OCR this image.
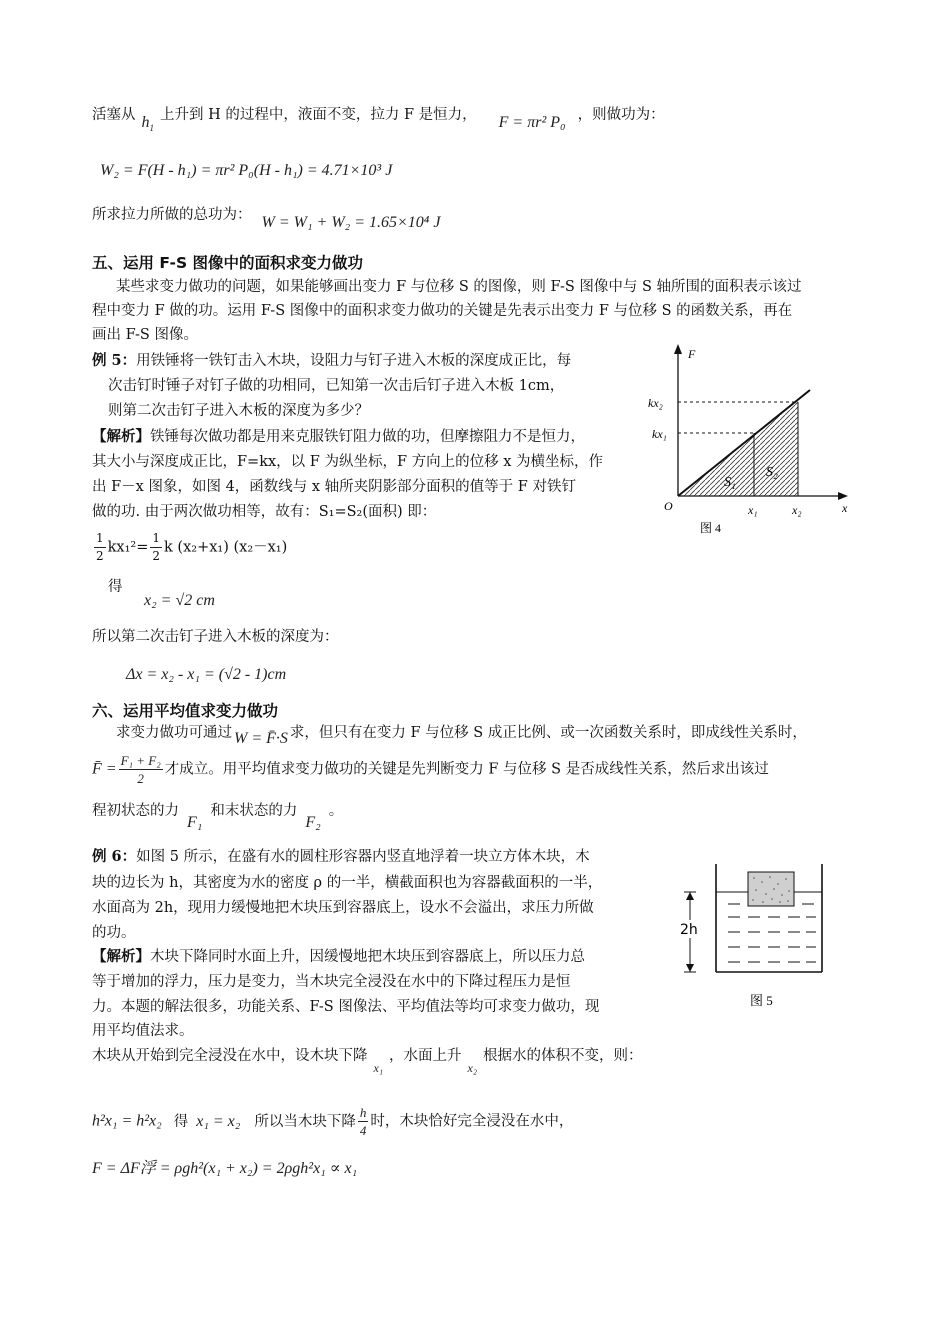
活塞从 $h_1$上升到 H 的过程中，液面不变，拉力 F 是恒力， F = πr² P₀ ，则做功为：
W₂ = F(H - h₁) = πr² P₀(H - h₁) = 4.71×10³ J
所求拉力所做的总功为： W = W₁ + W₂ = 1.65×10⁴ J
五、运用 F-S 图像中的面积求变力做功
某些求变力做功的问题，如果能够画出变力 F 与位移 S 的图像，则 F-S 图像中与 S 轴所围的面积表示该过
程中变力 F 做的功。运用 F-S 图像中的面积求变力做功的关键是先表示出变力 F 与位移 S 的函数关系，再在
画出 F-S 图像。
例 5：用铁锤将一铁钉击入木块，设阻力与钉子进入木板的深度成正比，每
次击钉时锤子对钉子做的功相同，已知第一次击后钉子进入木板 1cm，
则第二次击钉子进入木板的深度为多少？
【解析】铁锤每次做功都是用来克服铁钉阻力做的功，但摩擦阻力不是恒力，
其大小与深度成正比，F=kx，以 F 为纵坐标，F 方向上的位移 x 为横坐标，作
出 F－x 图象，如图 4，函数线与 x 轴所夹阴影部分面积的值等于 F 对铁钉
做的功. 由于两次做功相等，故有：S₁=S₂(面积) 即：
$\frac{1}{2} kx_1^2= \frac{1}{2}$ k (x₂+x₁) (x₂－x₁)
得
x₂ = √2 cm
所以第二次击钉子进入木板的深度为：
Δx = x₂ - x₁ = (√2 - 1)cm
F
x
O
kx₂
kx₁
S₁
S₂
x₁	x₂
图 4
六、运用平均值求变力做功
求变力做功可通过 W = F̄·S 求，但只有在变力 F 与位移 S 成正比例、或一次函数关系时，即成线性关系时，
F̄ = $\frac{\text{F₁ + F₂}}{2}$ 才成立。用平均值求变力做功的关键是先判断变力 F 与位移 S 是否成线性关系，然后求出该过
程初状态的力F₁和末状态的力F₂。
例 6：如图 5 所示，在盛有水的圆柱形容器内竖直地浮着一块立方体木块，木
块的边长为 h，其密度为水的密度 ρ 的一半，横截面积也为容器截面积的一半，
水面高为 2h，现用力缓慢地把木块压到容器底上，设水不会溢出，求压力所做
的功。
【解析】木块下降同时水面上升，因缓慢地把木块压到容器底上，所以压力总
等于增加的浮力，压力是变力，当木块完全浸没在水中的下降过程压力是恒
力。本题的解法很多，功能关系、F-S 图像法、平均值法等均可求变力做功，现
用平均值法求。
木块从开始到完全浸没在水中，设木块下降$_{x_1}$，水面上升$_{x_2}$根据水的体积不变，则：
h²x₁ = h²x₂ 得 x₁ = x₂ 所以当木块下降 $\frac{h}{4}$ 时，木块恰好完全浸没在水中，
F = ΔF浮 = ρgh²(x₁ + x₂) = 2ρgh²x₁ ∝ x₁
2h
图 5
